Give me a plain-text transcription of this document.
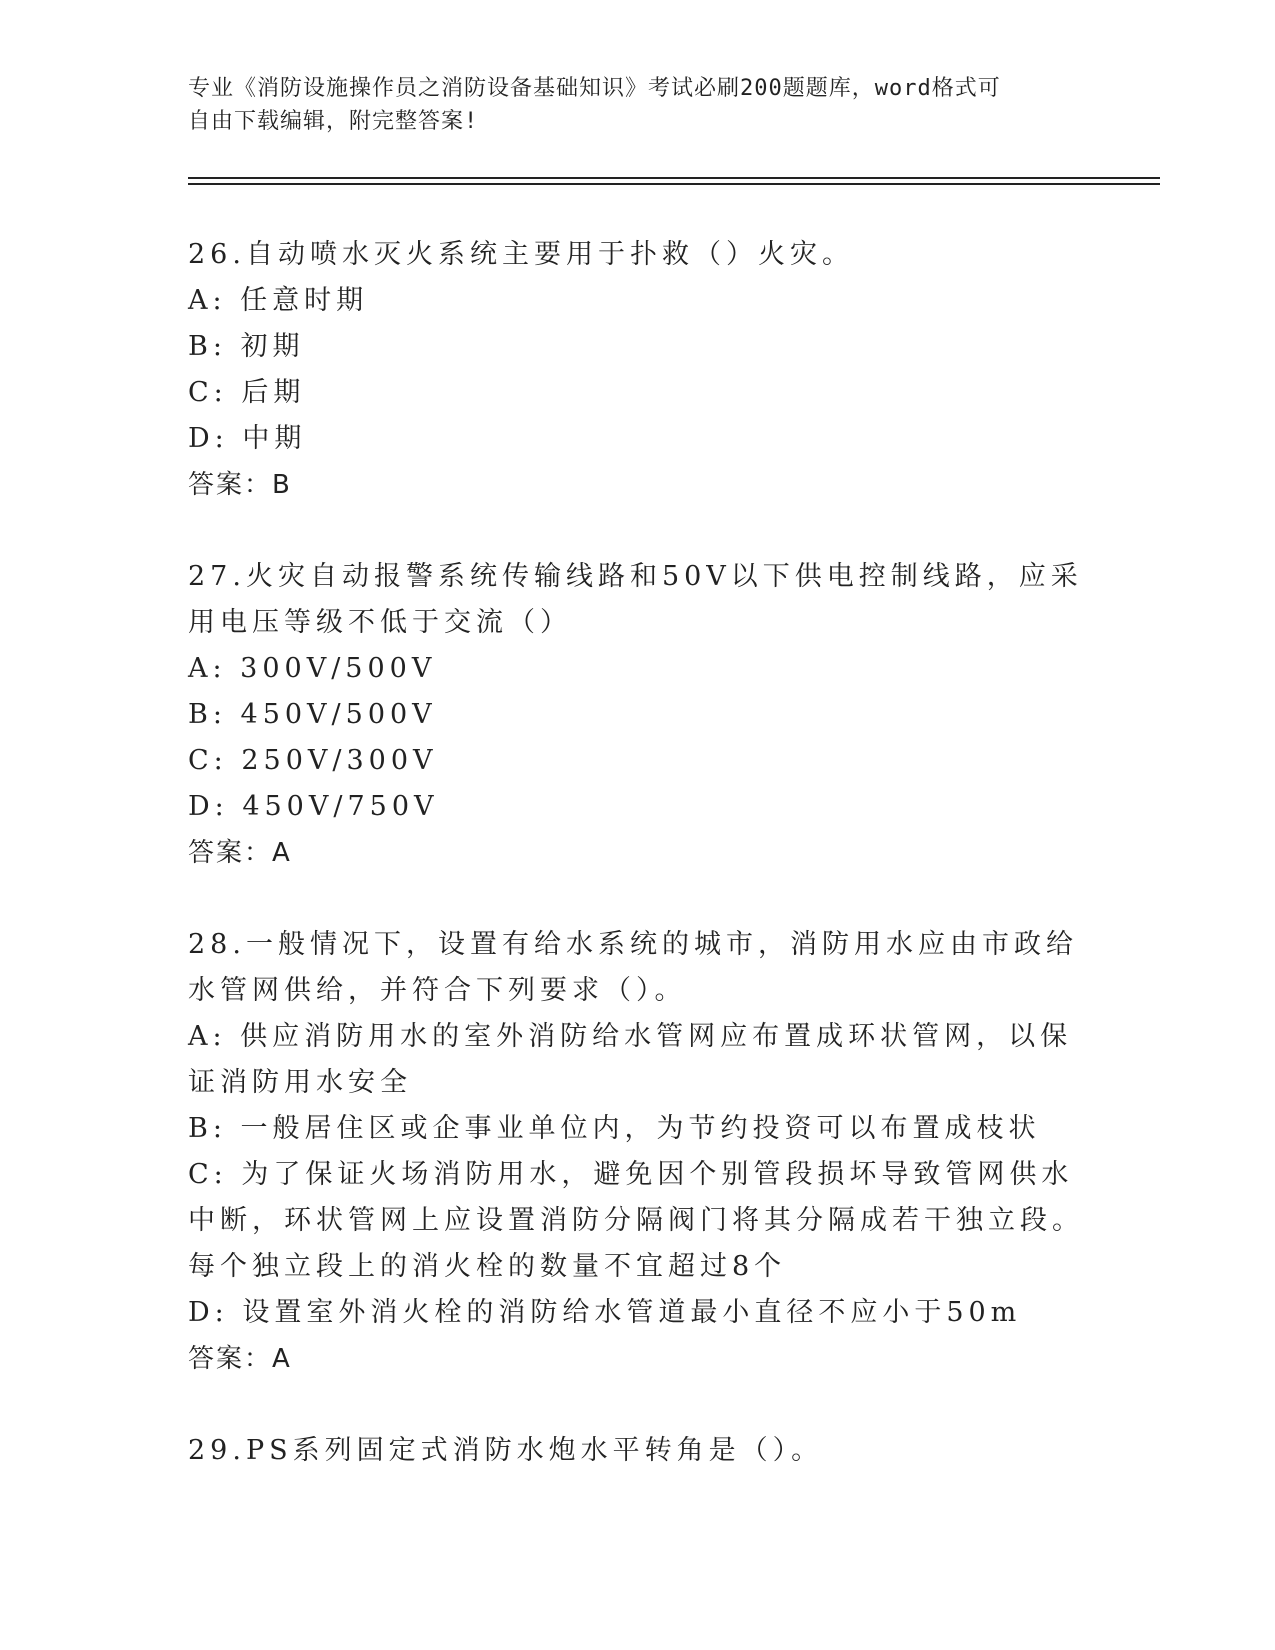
专业《消防设施操作员之消防设备基础知识》考试必刷200题题库，word格式可
自由下载编辑，附完整答案!

26.自动喷水灭火系统主要用于扑救（）火灾。

A: 任意时期

B: 初期

C: 后期

D: 中期

答案：B

27.火灾自动报警系统传输线路和50V以下供电控制线路，应采用电压等级不低于交流（）

A: 300V/500V

B: 450V/500V

C: 250V/300V

D: 450V/750V

答案：A

28.一般情况下，设置有给水系统的城市，消防用水应由市政给水管网供给，并符合下列要求（）。

A: 供应消防用水的室外消防给水管网应布置成环状管网，以保证消防用水安全

B: 一般居住区或企事业单位内，为节约投资可以布置成枝状

C: 为了保证火场消防用水，避免因个别管段损坏导致管网供水中断，环状管网上应设置消防分隔阀门将其分隔成若干独立段。每个独立段上的消火栓的数量不宜超过8个

D: 设置室外消火栓的消防给水管道最小直径不应小于50m

答案：A

29.PS系列固定式消防水炮水平转角是（）。
